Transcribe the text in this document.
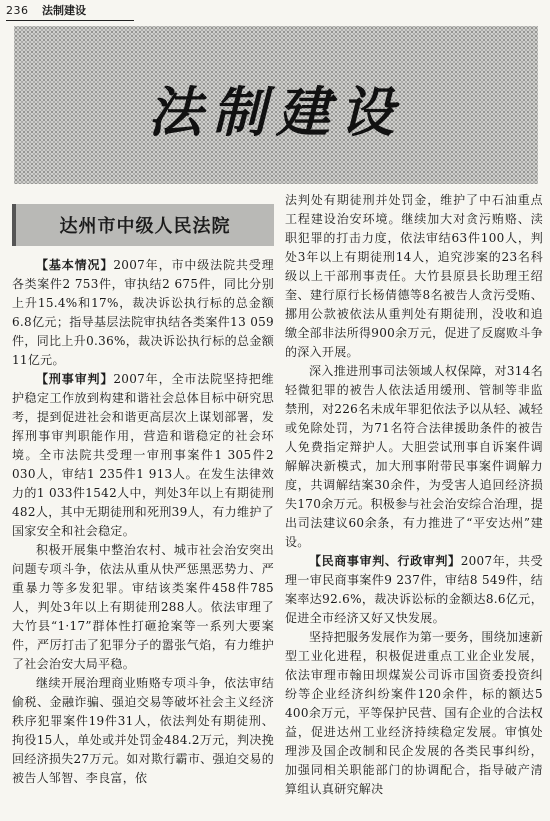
236 法制建设
法制建设
达州市中级人民法院

【基本情况】2007年，市中级法院共受理各类案件2 753件，审执结2 675件，同比分别上升15.4%和17%，裁决诉讼执行标的总金额6.8亿元；指导基层法院审执结各类案件13 059件，同比上升0.36%，裁决诉讼执行标的总金额11亿元。

【刑事审判】2007年，全市法院坚持把维护稳定工作放到构建和谐社会总体目标中研究思考，提到促进社会和谐更高层次上谋划部署，发挥刑事审判职能作用，营造和谐稳定的社会环境。全市法院共受理一审刑事案件1 305件2 030人，审结1 235件1 913人。在发生法律效力的1 033件1542人中，判处3年以上有期徒刑482人，其中无期徒刑和死刑39人，有力维护了国家安全和社会稳定。

积极开展集中整治农村、城市社会治安突出问题专项斗争，依法从重从快严惩黑恶势力、严重暴力等多发犯罪。审结该类案件458件785人，判处3年以上有期徒刑288人。依法审理了大竹县“1·17”群体性打砸抢案等一系列大要案件，严厉打击了犯罪分子的嚣张气焰，有力维护了社会治安大局平稳。

继续开展治理商业贿赂专项斗争，依法审结偷税、金融诈骗、强迫交易等破坏社会主义经济秩序犯罪案件19件31人，依法判处有期徒刑、拘役15人，单处或并处罚金484.2万元，判决挽回经济损失27万元。如对欺行霸市、强迫交易的被告人邹智、李良富，依

法判处有期徒刑并处罚金，维护了中石油重点工程建设治安环境。继续加大对贪污贿赂、渎职犯罪的打击力度，依法审结63件100人，判处3年以上有期徒刑14人，追究涉案的23名科级以上干部刑事责任。大竹县原县长助理王绍奎、建行原行长杨倩德等8名被告人贪污受贿、挪用公款被依法从重判处有期徒刑，没收和追缴全部非法所得900余万元，促进了反腐败斗争的深入开展。

深入推进刑事司法领域人权保障，对314名轻微犯罪的被告人依法适用缓刑、管制等非监禁刑，对226名未成年罪犯依法予以从轻、减轻或免除处罚，为71名符合法律援助条件的被告人免费指定辩护人。大胆尝试刑事自诉案件调解解决新模式，加大刑事附带民事案件调解力度，共调解结案30余件，为受害人追回经济损失170余万元。积极参与社会治安综合治理，提出司法建议60余条，有力推进了“平安达州”建设。

【民商事审判、行政审判】2007年，共受理一审民商事案件9 237件，审结8 549件，结案率达92.6%，裁决诉讼标的金额达8.6亿元，促进全市经济又好又快发展。

坚持把服务发展作为第一要务，围绕加速新型工业化进程，积极促进重点工业企业发展，依法审理市翰田坝煤炭公司诉市国资委投资纠纷等企业经济纠纷案件120余件，标的额达5 400余万元，平等保护民营、国有企业的合法权益，促进达州工业经济持续稳定发展。审慎处理涉及国企改制和民企发展的各类民事纠纷，加强同相关职能部门的协调配合，指导破产清算组认真研究解决
